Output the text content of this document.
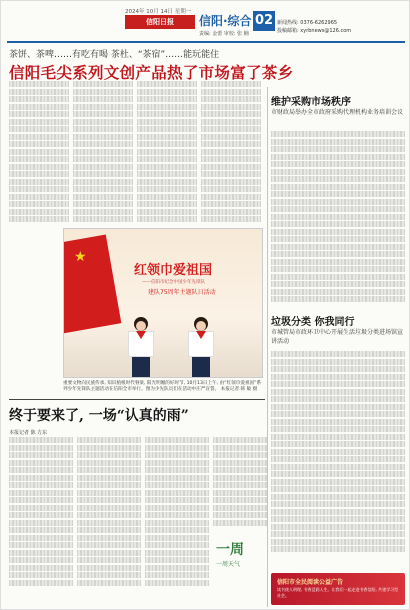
2024年 10月 14日 星期一
信阳日报	信阳·综合 02
责编: 金蕾 审校: 张 楠
新闻热线: 0376-6262965
投稿邮箱: xyrbnews@126.com
茶饼、茶啤……有吃有喝 茶杜、“茶宿”……能玩能住
信阳毛尖系列文创产品热了市场富了茶乡
★
红领巾爱祖国
——信阳市纪念中国少年先锋队
建队75周年主题队日活动
重要文物向民族传承, 知识植根时代脊梁, 阳光明媚的好时节, 10月13日上午, 由“红领巾爱祖国”系列少年先锋队主题活动在信阳全市举行。图为少先队员们在活动中庄严宣誓。 本报记者 韩 敏 摄
维护采购市场秩序
市财政局举办全市政府采购代理机构业务培训会议
垃圾分类 你我同行
市城管局市政环卫中心开展生活垃圾分类进场馆宣讲活动
终于要来了, 一场“认真的雨”
本报记者 陈 方东
一周
一周天气
信阳市全民阅读公益广告
读书使人明理, 书香浸润人生。让我们一起走进书香信阳, 共建学习型社会。
